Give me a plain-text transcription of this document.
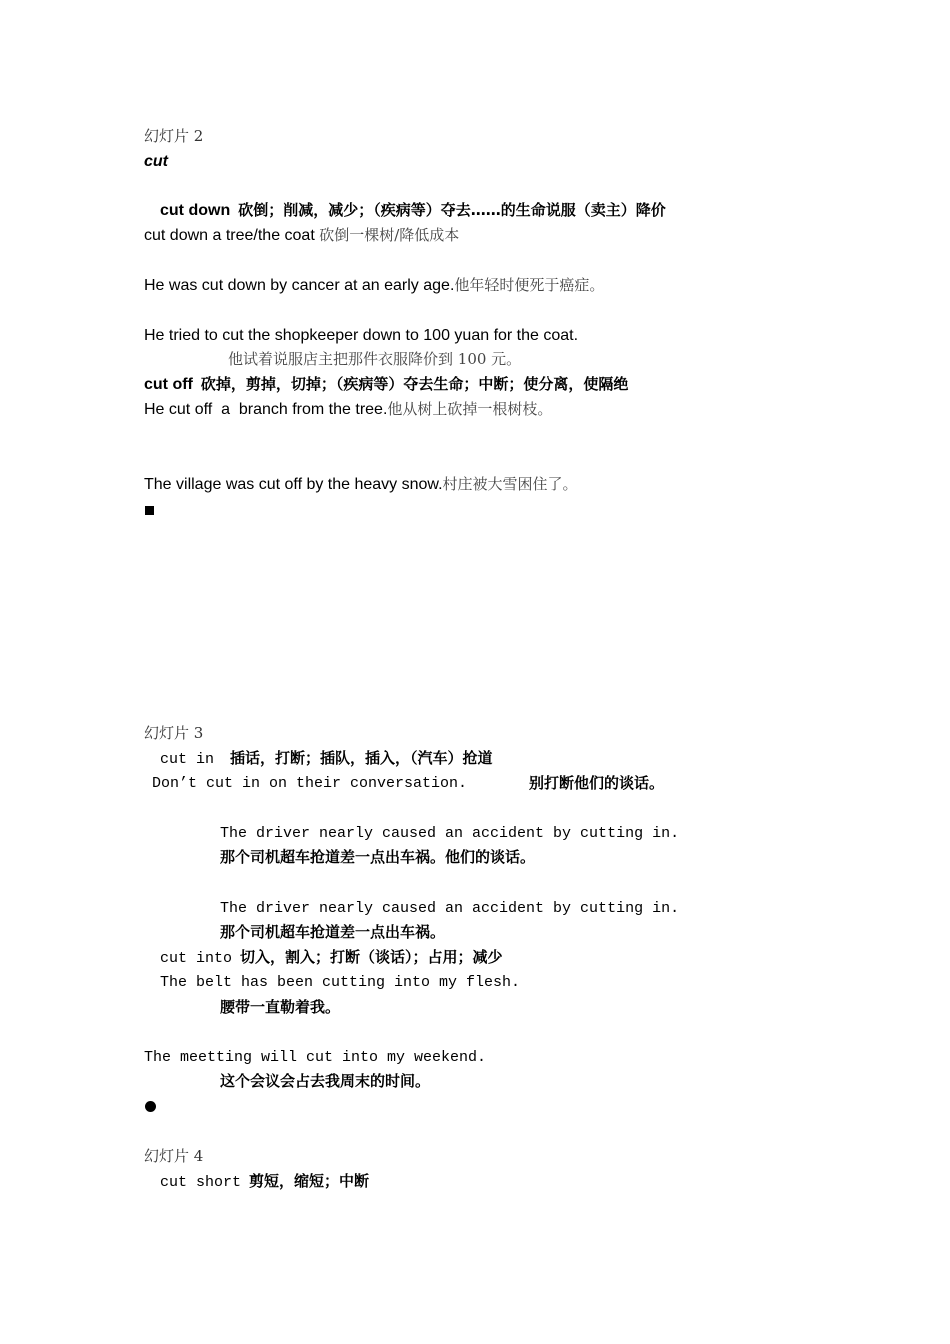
幻灯片 2
cut
cut down 砍倒；削减，减少；（疾病等）夺去……的生命说服（卖主）降价
cut down a tree/the coat 砍倒一棵树/降低成本
He was cut down by cancer at an early age.他年轻时便死于癌症。
He tried to cut the shopkeeper down to 100 yuan for the coat.
他试着说服店主把那件衣服降价到 100 元。
cut off 砍掉，剪掉，切掉；（疾病等）夺去生命；中断；使分离，使隔绝
He cut off  a  branch from the tree.他从树上砍掉一根树枝。
The village was cut off by the heavy snow.村庄被大雪困住了。
幻灯片 3
cut in 插话，打断；插队，插入，（汽车）抢道
Don’t cut in on their conversation.	别打断他们的谈话。
The driver nearly caused an accident by cutting in.
那个司机超车抢道差一点出车祸。他们的谈话。
The driver nearly caused an accident by cutting in.
那个司机超车抢道差一点出车祸。
cut into 切入，割入；打断（谈话）；占用；减少
The belt has been cutting into my flesh.
腰带一直勒着我。
The meetting will cut into my weekend.
这个会议会占去我周末的时间。
幻灯片 4
cut short 剪短，缩短；中断
